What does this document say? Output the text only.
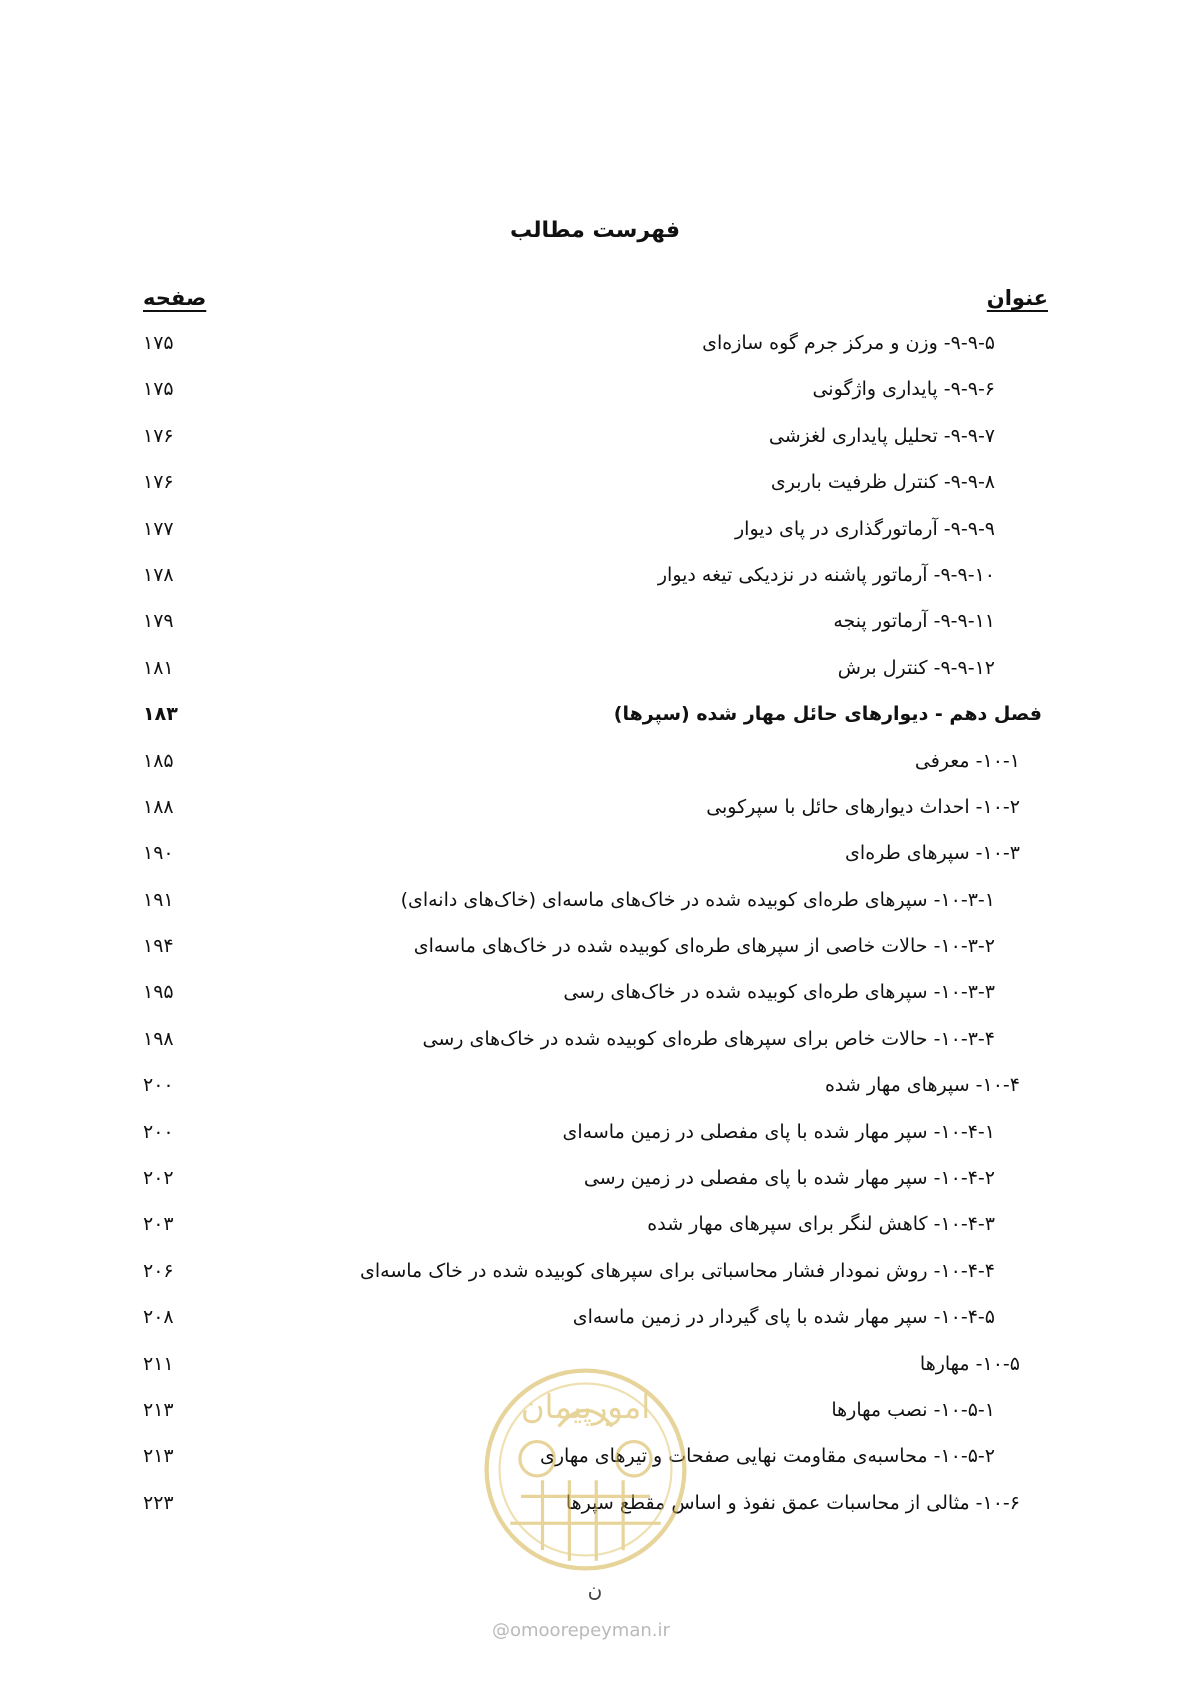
فهرست مطالب
عنوان
صفحه
۹-۹-۵- وزن و مرکز جرم گوه سازه‌ای
۱۷۵
۹-۹-۶- پایداری واژگونی
۱۷۵
۹-۹-۷- تحلیل پایداری لغزشی
۱۷۶
۹-۹-۸- کنترل ظرفیت باربری
۱۷۶
۹-۹-۹- آرماتورگذاری در پای دیوار
۱۷۷
۹-۹-۱۰- آرماتور پاشنه در نزدیکی تیغه دیوار
۱۷۸
۹-۹-۱۱- آرماتور پنجه
۱۷۹
۹-۹-۱۲- کنترل برش
۱۸۱
فصل دهم - دیوارهای حائل مهار شده (سپرها)
۱۸۳
۱۰-۱- معرفی
۱۸۵
۱۰-۲- احداث دیوارهای حائل با سپرکوبی
۱۸۸
۱۰-۳- سپرهای طره‌ای
۱۹۰
۱۰-۳-۱- سپرهای طره‌ای کوبیده شده در خاک‌های ماسه‌ای (خاک‌های دانه‌ای)
۱۹۱
۱۰-۳-۲- حالات خاصی از سپرهای طره‌ای کوبیده شده در خاک‌های ماسه‌ای
۱۹۴
۱۰-۳-۳- سپرهای طره‌ای کوبیده شده در خاک‌های رسی
۱۹۵
۱۰-۳-۴- حالات خاص برای سپرهای طره‌ای کوبیده شده در خاک‌های رسی
۱۹۸
۱۰-۴- سپرهای مهار شده
۲۰۰
۱۰-۴-۱- سپر مهار شده با پای مفصلی در زمین ماسه‌ای
۲۰۰
۱۰-۴-۲- سپر مهار شده با پای مفصلی در زمین رسی
۲۰۲
۱۰-۴-۳- کاهش لنگر برای سپرهای مهار شده
۲۰۳
۱۰-۴-۴- روش نمودار فشار محاسباتی برای سپرهای کوبیده شده در خاک ماسه‌ای
۲۰۶
۱۰-۴-۵- سپر مهار شده با پای گیردار در زمین ماسه‌ای
۲۰۸
۱۰-۵- مهارها
۲۱۱
۱۰-۵-۱- نصب مهارها
۲۱۳
۱۰-۵-۲- محاسبه‌ی مقاومت نهایی صفحات و تیرهای مهاری
۲۱۳
۱۰-۶- مثالی از محاسبات عمق نفوذ و اساس مقطع سپرها
۲۲۳
امورپیمان
ن
@omoorepeyman.ir
